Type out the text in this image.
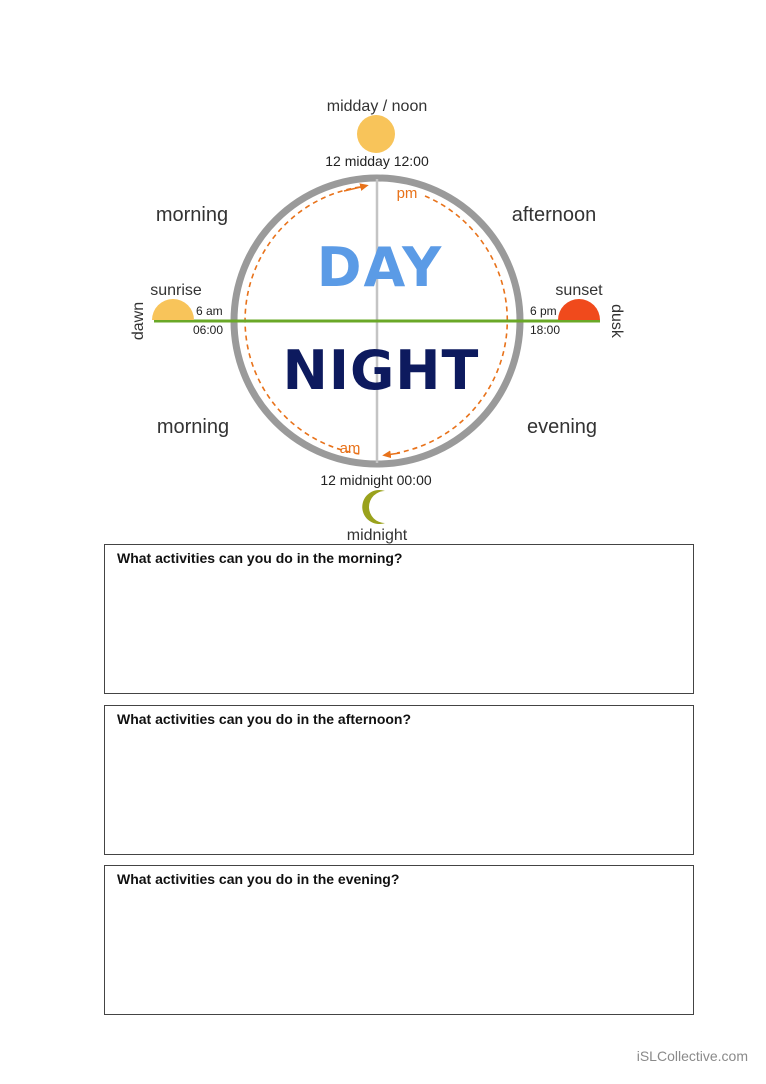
midday / noon
12 midday 12:00
pm
am
DAY
NIGHT
morning	afternoon
morning	evening
sunrise	sunset
6 am
06:00
6 pm
18:00
dawn	dusk
12 midnight 00:00
midnight
What activities can you do in the morning?
What activities can you do in the afternoon?
What activities can you do in the evening?
iSLCollective.com
